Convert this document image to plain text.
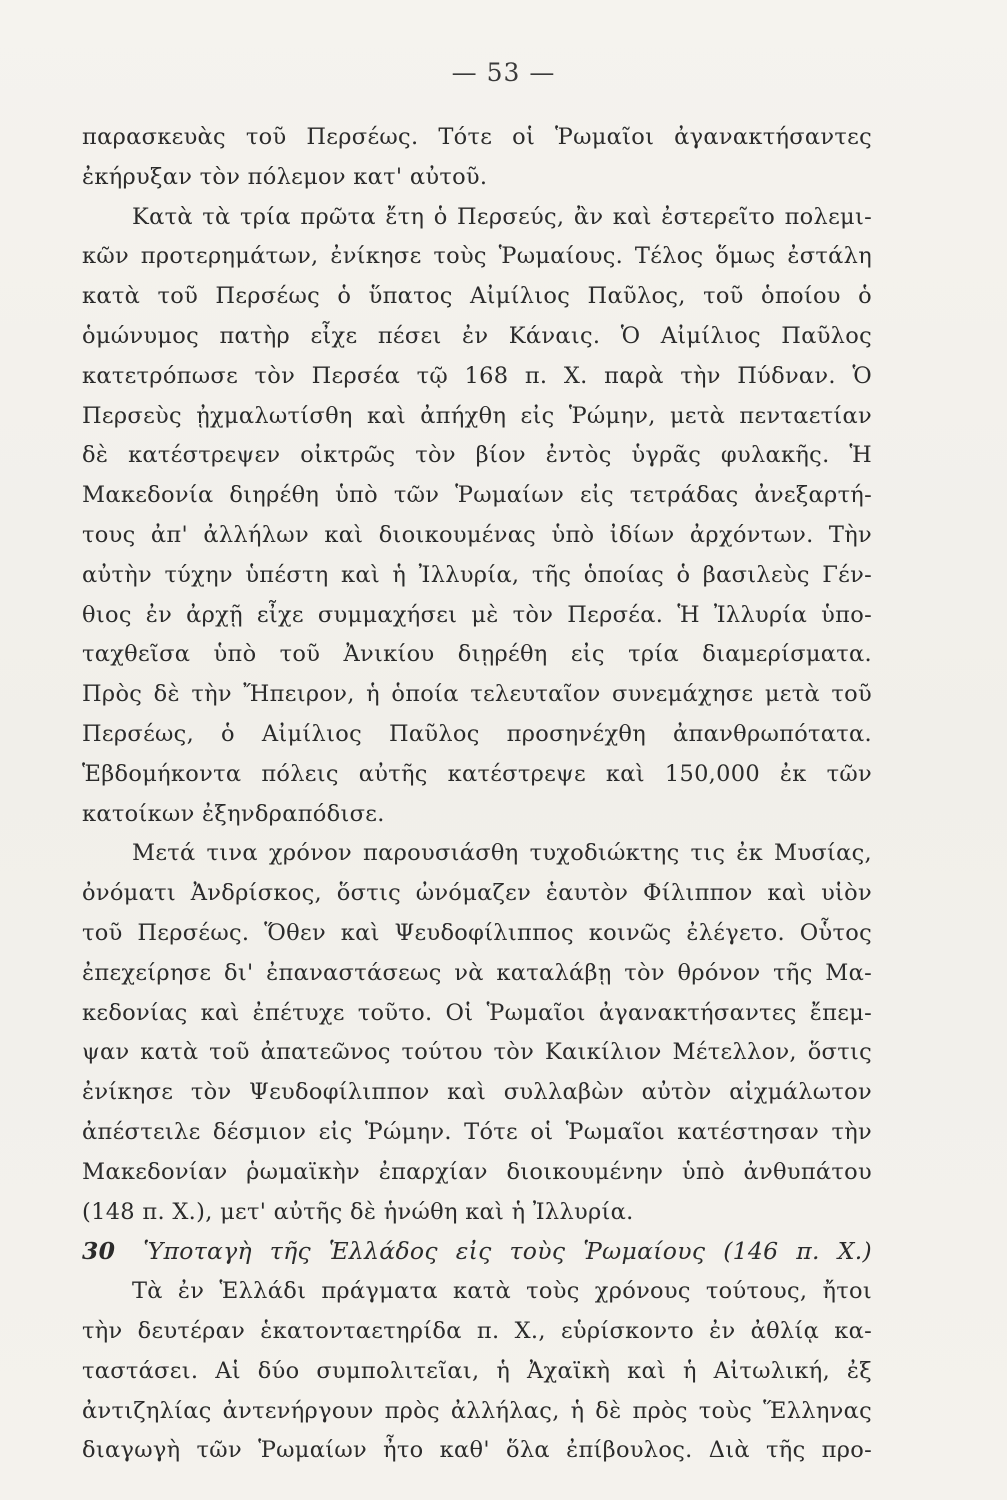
— 53 —
παρασκευὰς τοῦ Περσέως. Τότε οἱ Ῥωμαῖοι ἀγανακτήσαντες
ἐκήρυξαν τὸν πόλεμον κατ' αὐτοῦ.
Κατὰ τὰ τρία πρῶτα ἔτη ὁ Περσεύς, ἂν καὶ ἐστερεῖτο πολεμι-
κῶν προτερημάτων, ἐνίκησε τοὺς Ῥωμαίους. Τέλος ὅμως ἐστάλη
κατὰ τοῦ Περσέως ὁ ὕπατος Αἰμίλιος Παῦλος, τοῦ ὁποίου ὁ
ὁμώνυμος πατὴρ εἶχε πέσει ἐν Κάναις. Ὁ Αἰμίλιος Παῦλος
κατετρόπωσε τὸν Περσέα τῷ 168 π. Χ. παρὰ τὴν Πύδναν. Ὁ
Περσεὺς ᾐχμαλωτίσθη καὶ ἀπήχθη εἰς Ῥώμην, μετὰ πενταετίαν
δὲ κατέστρεψεν οἰκτρῶς τὸν βίον ἐντὸς ὑγρᾶς φυλακῆς. Ἡ
Μακεδονία διηρέθη ὑπὸ τῶν Ῥωμαίων εἰς τετράδας ἀνεξαρτή-
τους ἀπ' ἀλλήλων καὶ διοικουμένας ὑπὸ ἰδίων ἀρχόντων. Τὴν
αὐτὴν τύχην ὑπέστη καὶ ἡ Ἰλλυρία, τῆς ὁποίας ὁ βασιλεὺς Γέν-
θιος ἐν ἀρχῇ εἶχε συμμαχήσει μὲ τὸν Περσέα. Ἡ Ἰλλυρία ὑπο-
ταχθεῖσα ὑπὸ τοῦ Ἀνικίου διῃρέθη εἰς τρία διαμερίσματα.
Πρὸς δὲ τὴν Ἤπειρον, ἡ ὁποία τελευταῖον συνεμάχησε μετὰ τοῦ
Περσέως, ὁ Αἰμίλιος Παῦλος προσηνέχθη ἀπανθρωπότατα.
Ἑβδομήκοντα πόλεις αὐτῆς κατέστρεψε καὶ 150,000 ἐκ τῶν
κατοίκων ἐξηνδραπόδισε.
Μετά τινα χρόνον παρουσιάσθη τυχοδιώκτης τις ἐκ Μυσίας,
ὀνόματι Ἀνδρίσκος, ὅστις ὠνόμαζεν ἑαυτὸν Φίλιππον καὶ υἱὸν
τοῦ Περσέως. Ὅθεν καὶ Ψευδοφίλιππος κοινῶς ἐλέγετο. Οὗτος
ἐπεχείρησε δι' ἐπαναστάσεως νὰ καταλάβῃ τὸν θρόνον τῆς Μα-
κεδονίας καὶ ἐπέτυχε τοῦτο. Οἱ Ῥωμαῖοι ἀγανακτήσαντες ἔπεμ-
ψαν κατὰ τοῦ ἀπατεῶνος τούτου τὸν Καικίλιον Μέτελλον, ὅστις
ἐνίκησε τὸν Ψευδοφίλιππον καὶ συλλαβὼν αὐτὸν αἰχμάλωτον
ἀπέστειλε δέσμιον εἰς Ῥώμην. Τότε οἱ Ῥωμαῖοι κατέστησαν τὴν
Μακεδονίαν ῥωμαϊκὴν ἐπαρχίαν διοικουμένην ὑπὸ ἀνθυπάτου
(148 π. Χ.), μετ' αὐτῆς δὲ ἡνώθη καὶ ἡ Ἰλλυρία.
30 Ὑποταγὴ τῆς Ἑλλάδος εἰς τοὺς Ῥωμαίους (146 π. Χ.)
Τὰ ἐν Ἑλλάδι πράγματα κατὰ τοὺς χρόνους τούτους, ἤτοι
τὴν δευτέραν ἑκατονταετηρίδα π. Χ., εὑρίσκοντο ἐν ἀθλίᾳ κα-
ταστάσει. Αἱ δύο συμπολιτεῖαι, ἡ Ἀχαϊκὴ καὶ ἡ Αἰτωλική, ἐξ
ἀντιζηλίας ἀντενήργουν πρὸς ἀλλήλας, ἡ δὲ πρὸς τοὺς Ἕλληνας
διαγωγὴ τῶν Ῥωμαίων ἦτο καθ' ὅλα ἐπίβουλος. Διὰ τῆς προ-
